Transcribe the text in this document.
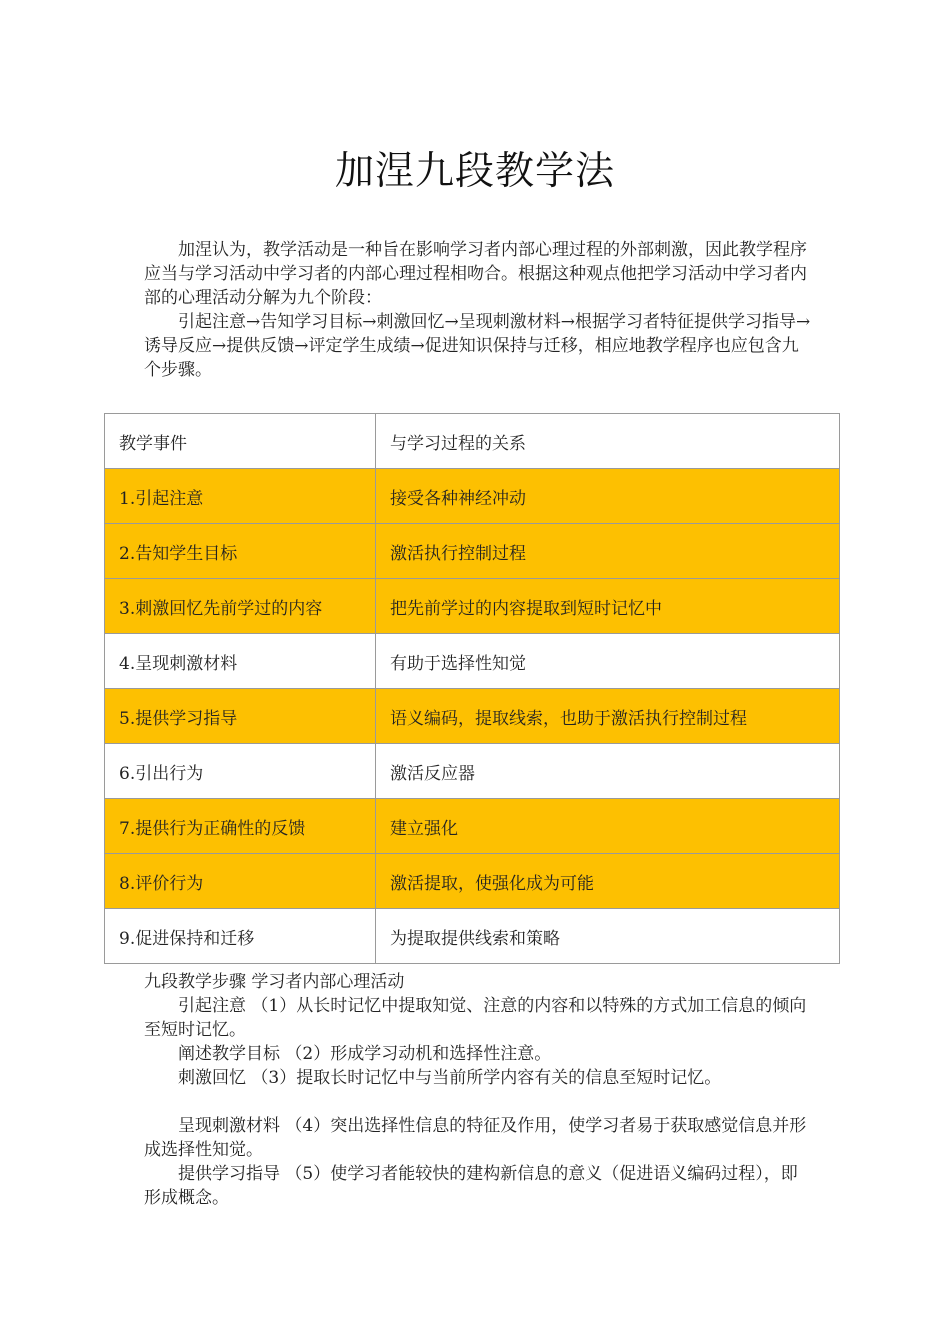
加涅九段教学法

加涅认为，教学活动是一种旨在影响学习者内部心理过程的外部刺激，因此教学程序应当与学习活动中学习者的内部心理过程相吻合。根据这种观点他把学习活动中学习者内部的心理活动分解为九个阶段：

引起注意→告知学习目标→刺激回忆→呈现刺激材料→根据学习者特征提供学习指导→诱导反应→提供反馈→评定学生成绩→促进知识保持与迁移，相应地教学程序也应包含九个步骤。

教学事件	与学习过程的关系
1.引起注意	接受各种神经冲动
2.告知学生目标	激活执行控制过程
3.刺激回忆先前学过的内容	把先前学过的内容提取到短时记忆中
4.呈现刺激材料	有助于选择性知觉
5.提供学习指导	语义编码，提取线索，也助于激活执行控制过程
6.引出行为	激活反应器
7.提供行为正确性的反馈	建立强化
8.评价行为	激活提取，使强化成为可能
9.促进保持和迁移	为提取提供线索和策略

九段教学步骤 学习者内部心理活动

引起注意 （1）从长时记忆中提取知觉、注意的内容和以特殊的方式加工信息的倾向至短时记忆。

阐述教学目标 （2）形成学习动机和选择性注意。

刺激回忆 （3）提取长时记忆中与当前所学内容有关的信息至短时记忆。

呈现刺激材料 （4）突出选择性信息的特征及作用，使学习者易于获取感觉信息并形成选择性知觉。

提供学习指导 （5）使学习者能较快的建构新信息的意义（促进语义编码过程），即形成概念。
